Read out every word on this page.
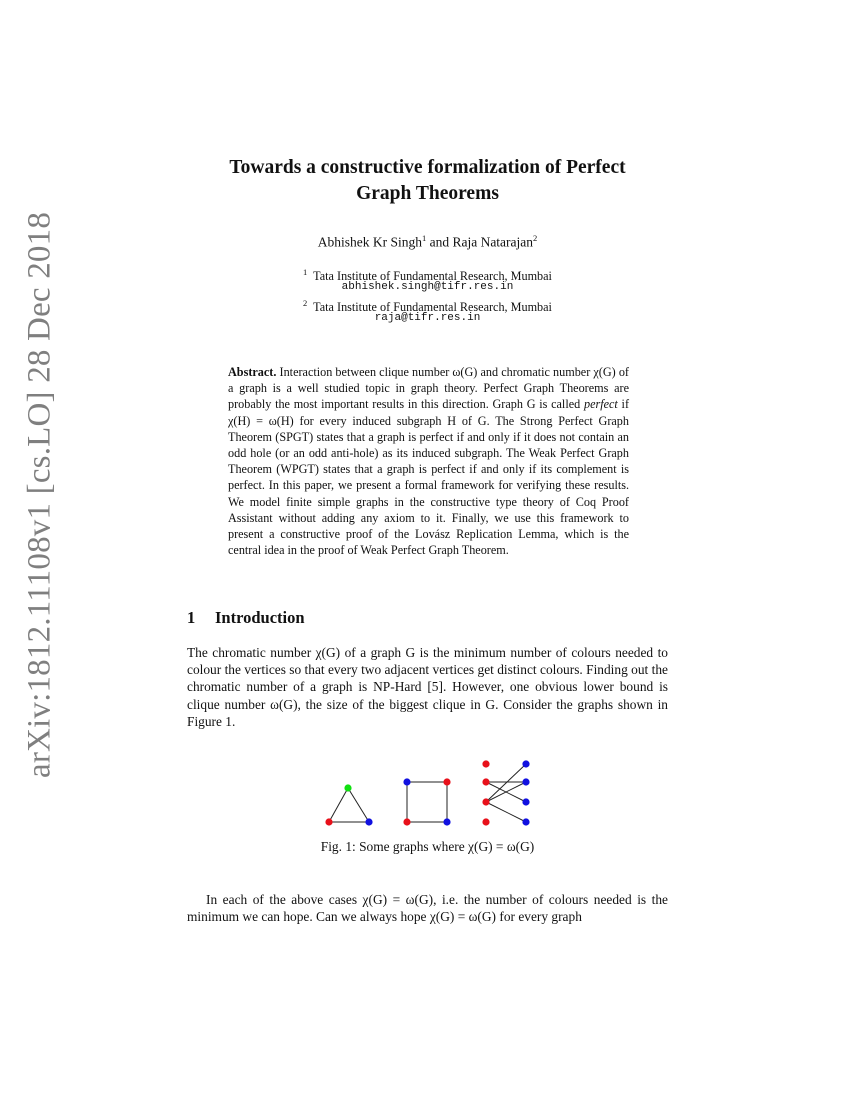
arXiv:1812.11108v1 [cs.LO] 28 Dec 2018
Towards a constructive formalization of Perfect
Graph Theorems
Abhishek Kr Singh$^1$ and Raja Natarajan$^2$
$^1$ Tata Institute of Fundamental Research, Mumbai
abhishek.singh@tifr.res.in
$^2$ Tata Institute of Fundamental Research, Mumbai
raja@tifr.res.in
Abstract. Interaction between clique number ω(G) and chromatic number χ(G) of a graph is a well studied topic in graph theory. Perfect Graph Theorems are probably the most important results in this direction. Graph G is called perfect if χ(H) = ω(H) for every induced subgraph H of G. The Strong Perfect Graph Theorem (SPGT) states that a graph is perfect if and only if it does not contain an odd hole (or an odd anti-hole) as its induced subgraph. The Weak Perfect Graph Theorem (WPGT) states that a graph is perfect if and only if its complement is perfect. In this paper, we present a formal framework for verifying these results. We model finite simple graphs in the constructive type theory of Coq Proof Assistant without adding any axiom to it. Finally, we use this framework to present a constructive proof of the Lovász Replication Lemma, which is the central idea in the proof of Weak Perfect Graph Theorem.
1 Introduction
The chromatic number χ(G) of a graph G is the minimum number of colours needed to colour the vertices so that every two adjacent vertices get distinct colours. Finding out the chromatic number of a graph is NP-Hard [5]. However, one obvious lower bound is clique number ω(G), the size of the biggest clique in G. Consider the graphs shown in Figure 1.
Fig. 1: Some graphs where χ(G) = ω(G)
In each of the above cases χ(G) = ω(G), i.e. the number of colours needed is the minimum we can hope. Can we always hope χ(G) = ω(G) for every graph
